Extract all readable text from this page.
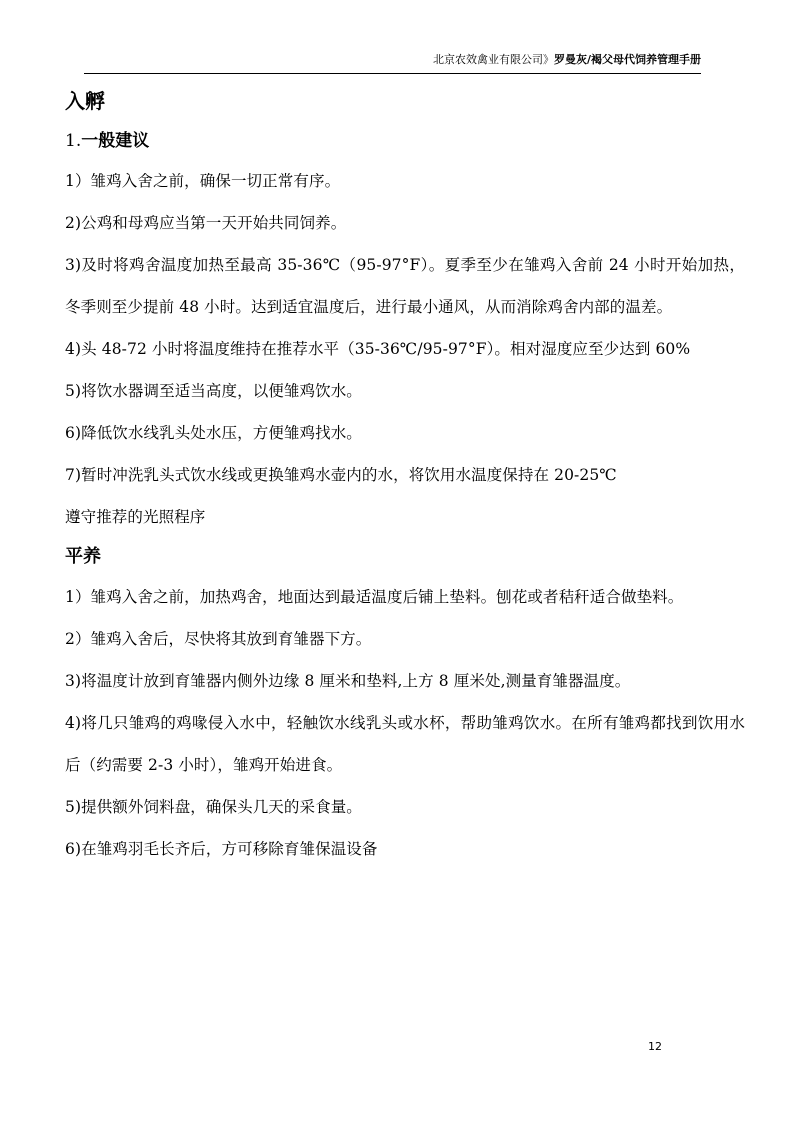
北京农效禽业有限公司》罗曼灰/褐父母代饲养管理手册
入孵
1.一般建议

1）雏鸡入舍之前，确保一切正常有序。

2)公鸡和母鸡应当第一天开始共同饲养。

3)及时将鸡舍温度加热至最高 35-36℃（95-97°F）。夏季至少在雏鸡入舍前 24 小时开始加热，冬季则至少提前 48 小时。达到适宜温度后，进行最小通风，从而消除鸡舍内部的温差。

4)头 48-72 小时将温度维持在推荐水平（35-36℃/95-97°F）。相对湿度应至少达到 60%

5)将饮水器调至适当高度，以便雏鸡饮水。

6)降低饮水线乳头处水压，方便雏鸡找水。

7)暂时冲洗乳头式饮水线或更换雏鸡水壶内的水，将饮用水温度保持在 20-25℃

遵守推荐的光照程序

平养

1）雏鸡入舍之前，加热鸡舍，地面达到最适温度后铺上垫料。刨花或者秸秆适合做垫料。

2）雏鸡入舍后，尽快将其放到育雏器下方。

3)将温度计放到育雏器内侧外边缘 8 厘米和垫料,上方 8 厘米处,测量育雏器温度。

4)将几只雏鸡的鸡喙侵入水中，轻触饮水线乳头或水杯，帮助雏鸡饮水。在所有雏鸡都找到饮用水后（约需要 2-3 小时），雏鸡开始进食。

5)提供额外饲料盘，确保头几天的采食量。

6)在雏鸡羽毛长齐后，方可移除育雏保温设备

12
